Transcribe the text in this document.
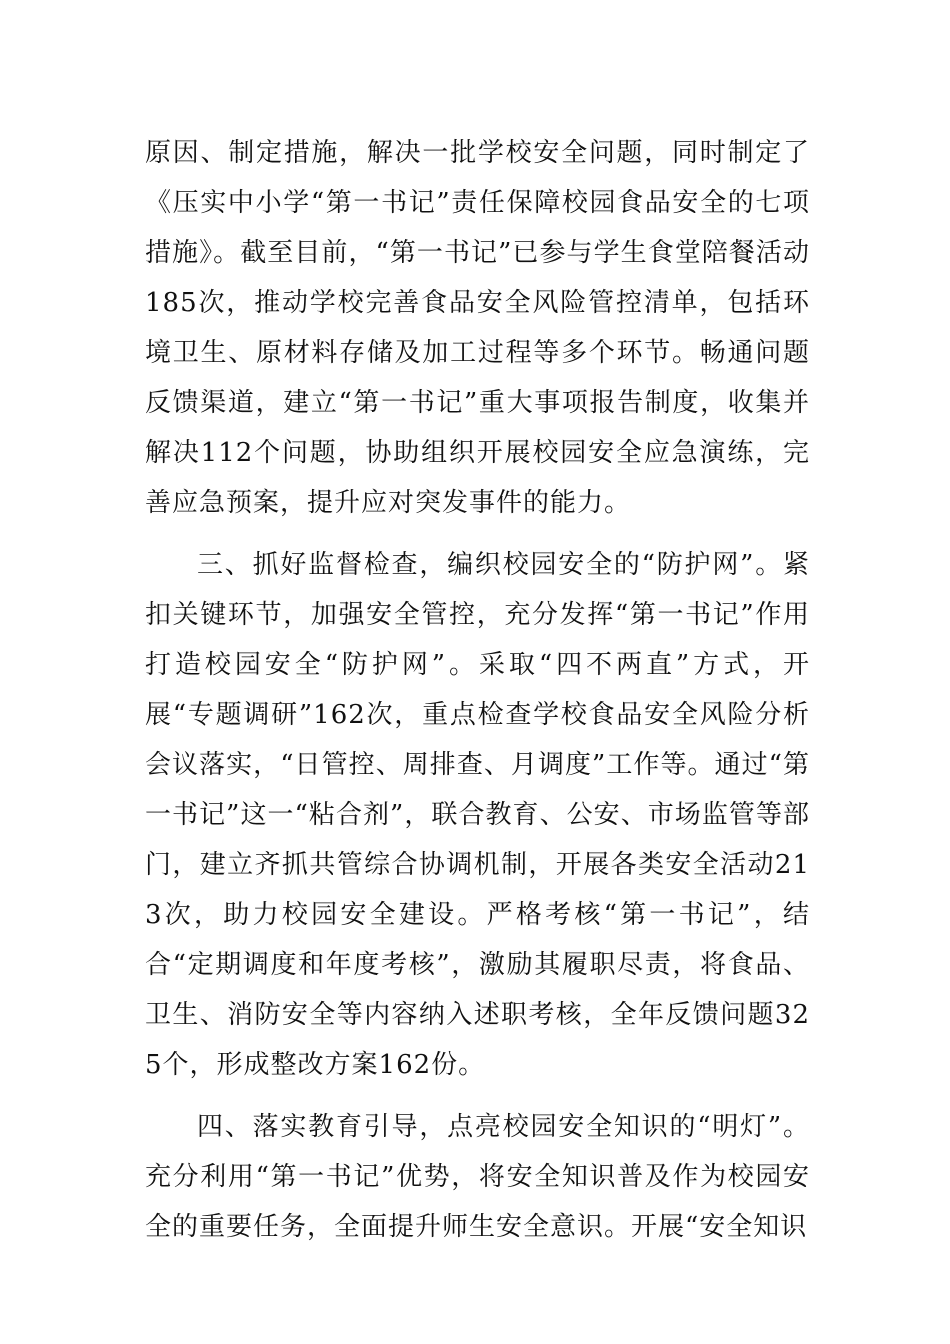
原因、制定措施，解决一批学校安全问题，同时制定了《压实中小学“第一书记”责任保障校园食品安全的七项措施》。截至目前，“第一书记”已参与学生食堂陪餐活动185次，推动学校完善食品安全风险管控清单，包括环境卫生、原材料存储及加工过程等多个环节。畅通问题反馈渠道，建立“第一书记”重大事项报告制度，收集并解决112个问题，协助组织开展校园安全应急演练，完善应急预案，提升应对突发事件的能力。

三、抓好监督检查，编织校园安全的“防护网”。紧扣关键环节，加强安全管控，充分发挥“第一书记”作用打造校园安全“防护网”。采取“四不两直”方式，开展“专题调研”162次，重点检查学校食品安全风险分析会议落实，“日管控、周排查、月调度”工作等。通过“第一书记”这一“粘合剂”，联合教育、公安、市场监管等部门，建立齐抓共管综合协调机制，开展各类安全活动213次，助力校园安全建设。严格考核“第一书记”，结合“定期调度和年度考核”，激励其履职尽责，将食品、卫生、消防安全等内容纳入述职考核，全年反馈问题325个，形成整改方案162份。

四、落实教育引导，点亮校园安全知识的“明灯”。充分利用“第一书记”优势，将安全知识普及作为校园安全的重要任务，全面提升师生安全意识。开展“安全知识
